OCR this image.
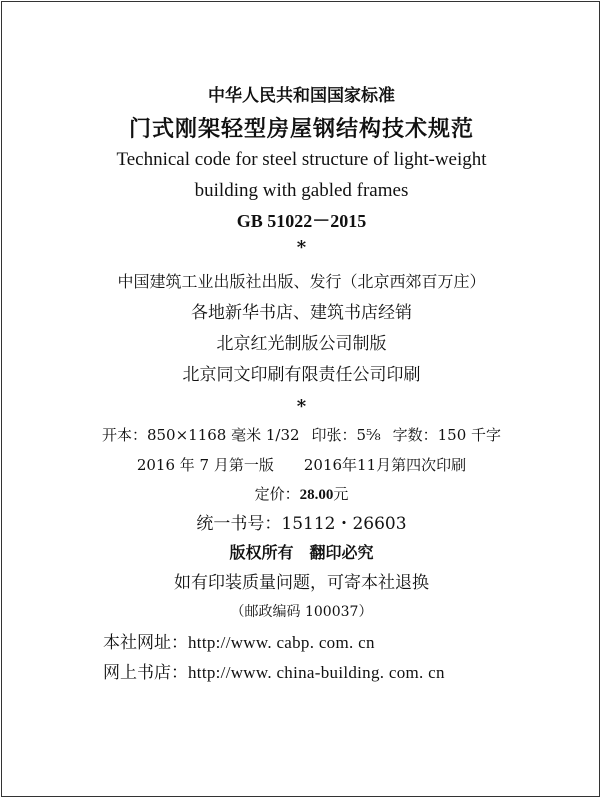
中华人民共和国国家标准
门式刚架轻型房屋钢结构技术规范
Technical code for steel structure of light-weight
building with gabled frames
GB 51022－2015
*
中国建筑工业出版社出版、发行（北京西郊百万庄）
各地新华书店、建筑书店经销
北京红光制版公司制版
北京同文印刷有限责任公司印刷
*
开本：850×1168 毫米 1/32 印张：5⅝ 字数：150 千字
2016 年 7 月第一版 2016年11月第四次印刷
定价：28.00元
统一书号：15112・26603
版权所有 翻印必究
如有印装质量问题，可寄本社退换
（邮政编码 100037）
本社网址：http://www. cabp. com. cn
网上书店：http://www. china-building. com. cn
